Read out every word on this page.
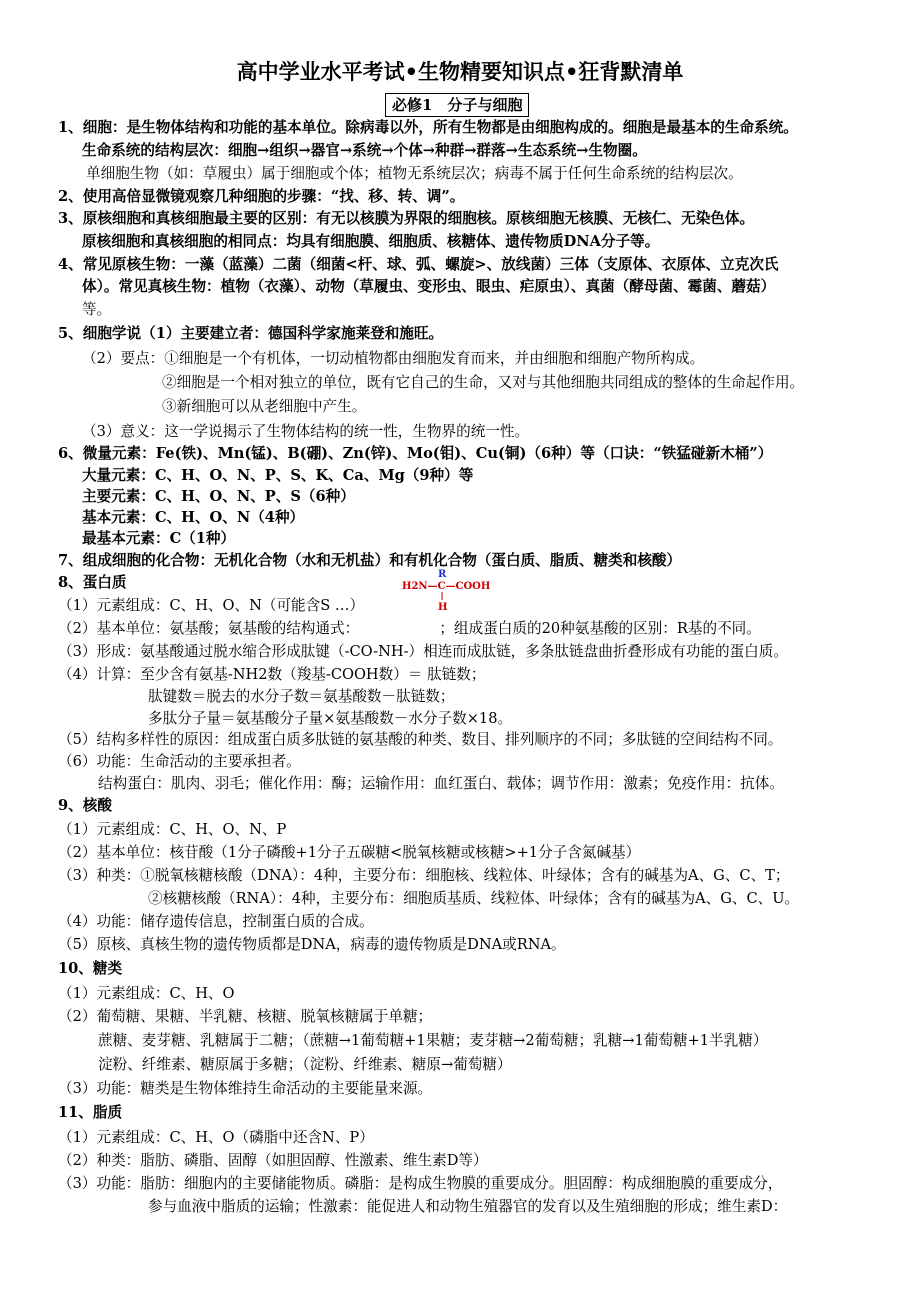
高中学业水平考试•生物精要知识点•狂背默清单
必修1　分子与细胞
1、细胞：是生物体结构和功能的基本单位。除病毒以外，所有生物都是由细胞构成的。细胞是最基本的生命系统。
生命系统的结构层次：细胞→组织→器官→系统→个体→种群→群落→生态系统→生物圈。
单细胞生物（如：草履虫）属于细胞或个体；植物无系统层次；病毒不属于任何生命系统的结构层次。
2、使用高倍显微镜观察几种细胞的步骤：“找、移、转、调”。
3、原核细胞和真核细胞最主要的区别：有无以核膜为界限的细胞核。原核细胞无核膜、无核仁、无染色体。
原核细胞和真核细胞的相同点：均具有细胞膜、细胞质、核糖体、遗传物质DNA分子等。
4、常见原核生物：一藻（蓝藻）二菌（细菌<杆、球、弧、螺旋>、放线菌）三体（支原体、衣原体、立克次氏
体）。常见真核生物：植物（衣藻）、动物（草履虫、变形虫、眼虫、疟原虫）、真菌（酵母菌、霉菌、蘑菇）
等。
5、细胞学说（1）主要建立者：德国科学家施莱登和施旺。
（2）要点：①细胞是一个有机体，一切动植物都由细胞发育而来，并由细胞和细胞产物所构成。
②细胞是一个相对独立的单位，既有它自己的生命，又对与其他细胞共同组成的整体的生命起作用。
③新细胞可以从老细胞中产生。
（3）意义：这一学说揭示了生物体结构的统一性，生物界的统一性。
6、微量元素：Fe(铁)、Mn(锰)、B(硼)、Zn(锌)、Mo(钼)、Cu(铜)（6种）等（口诀：“铁猛碰新木桶”）
大量元素：C、H、O、N、P、S、K、Ca、Mg（9种）等
主要元素：C、H、O、N、P、S（6种）
基本元素：C、H、O、N（4种）
最基本元素：C（1种）
7、组成细胞的化合物：无机化合物（水和无机盐）和有机化合物（蛋白质、脂质、糖类和核酸）
8、蛋白质	R
H2N—C—COOH
H
（1）元素组成：C、H、O、N（可能含S …）
（2）基本单位：氨基酸；氨基酸的结构通式：　　　　　　；组成蛋白质的20种氨基酸的区别：R基的不同。
（3）形成：氨基酸通过脱水缩合形成肽键（-CO-NH-）相连而成肽链，多条肽链盘曲折叠形成有功能的蛋白质。
（4）计算：至少含有氨基-NH2数（羧基-COOH数）＝ 肽链数；
肽键数＝脱去的水分子数＝氨基酸数－肽链数；
多肽分子量＝氨基酸分子量×氨基酸数－水分子数×18。
（5）结构多样性的原因：组成蛋白质多肽链的氨基酸的种类、数目、排列顺序的不同；多肽链的空间结构不同。
（6）功能：生命活动的主要承担者。
结构蛋白：肌肉、羽毛；催化作用：酶；运输作用：血红蛋白、载体；调节作用：激素；免疫作用：抗体。
9、核酸
（1）元素组成：C、H、O、N、P
（2）基本单位：核苷酸（1分子磷酸+1分子五碳糖<脱氧核糖或核糖>+1分子含氮碱基）
（3）种类：①脱氧核糖核酸（DNA）：4种，主要分布：细胞核、线粒体、叶绿体；含有的碱基为A、G、C、T；
②核糖核酸（RNA）：4种，主要分布：细胞质基质、线粒体、叶绿体；含有的碱基为A、G、C、U。
（4）功能：储存遗传信息，控制蛋白质的合成。
（5）原核、真核生物的遗传物质都是DNA，病毒的遗传物质是DNA或RNA。
10、糖类
（1）元素组成：C、H、O
（2）葡萄糖、果糖、半乳糖、核糖、脱氧核糖属于单糖；
蔗糖、麦芽糖、乳糖属于二糖；（蔗糖→1葡萄糖+1果糖；麦芽糖→2葡萄糖；乳糖→1葡萄糖+1半乳糖）
淀粉、纤维素、糖原属于多糖；（淀粉、纤维素、糖原→葡萄糖）
（3）功能：糖类是生物体维持生命活动的主要能量来源。
11、脂质
（1）元素组成：C、H、O（磷脂中还含N、P）
（2）种类：脂肪、磷脂、固醇（如胆固醇、性激素、维生素D等）
（3）功能：脂肪：细胞内的主要储能物质。磷脂：是构成生物膜的重要成分。胆固醇：构成细胞膜的重要成分，
参与血液中脂质的运输；性激素：能促进人和动物生殖器官的发育以及生殖细胞的形成；维生素D：
